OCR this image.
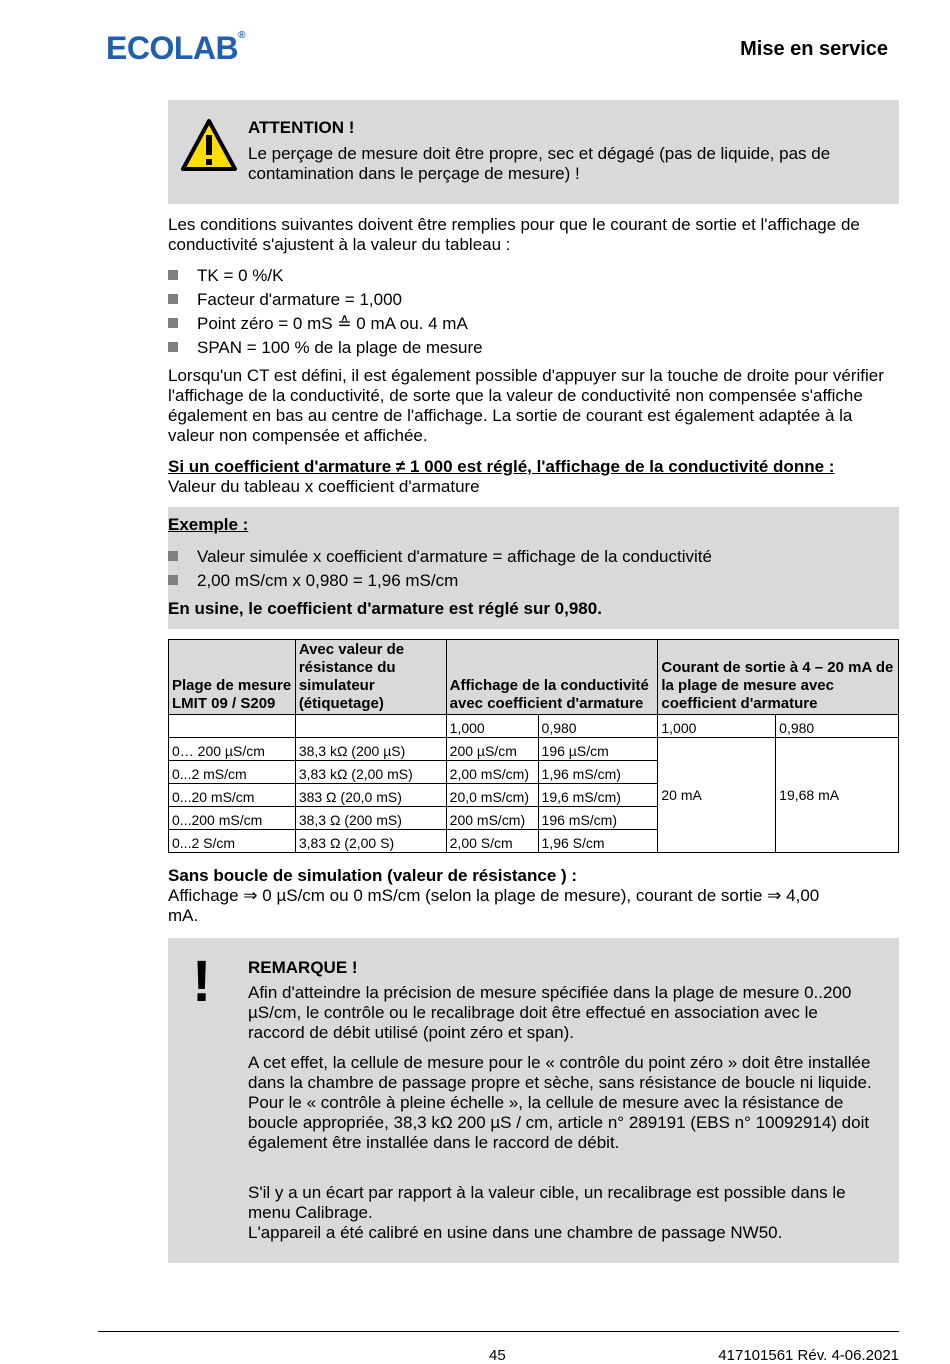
ECOLAB®
Mise en service
ATTENTION !
Le perçage de mesure doit être propre, sec et dégagé (pas de liquide, pas de contamination dans le perçage de mesure) !
Les conditions suivantes doivent être remplies pour que le courant de sortie et l'affichage de conductivité s'ajustent à la valeur du tableau :
TK = 0 %/K
Facteur d'armature = 1,000
Point zéro = 0 mS ≙ 0 mA ou. 4 mA
SPAN = 100 % de la plage de mesure
Lorsqu'un CT est défini, il est également possible d'appuyer sur la touche de droite pour vérifier l'affichage de la conductivité, de sorte que la valeur de conductivité non compensée s'affiche également en bas au centre de l'affichage. La sortie de courant est également adaptée à la valeur non compensée et affichée.
Si un coefficient d'armature ≠ 1 000 est réglé, l'affichage de la conductivité donne :
Valeur du tableau x coefficient d'armature
Exemple :
Valeur simulée x coefficient d'armature = affichage de la conductivité
2,00 mS/cm x 0,980 = 1,96 mS/cm
En usine, le coefficient d'armature est réglé sur 0,980.
Plage de mesure LMIT 09 / S209	Avec valeur de résistance du simulateur (étiquetage)	Affichage de la conductivité avec coefficient d'armature		Courant de sortie à 4 – 20 mA de la plage de mesure avec coefficient d'armature	
		1,000	0,980	1,000	0,980
0… 200 µS/cm	38,3 kΩ (200 µS)	200 µS/cm	196 µS/cm	20 mA	19,68 mA
0...2 mS/cm	3,83 kΩ (2,00 mS)	2,00 mS/cm)	1,96 mS/cm)		
0...20 mS/cm	383 Ω (20,0 mS)	20,0 mS/cm)	19,6 mS/cm)		
0...200 mS/cm	38,3 Ω (200 mS)	200 mS/cm)	196 mS/cm)		
0...2 S/cm	3,83 Ω (2,00 S)	2,00 S/cm	1,96 S/cm		
Sans boucle de simulation (valeur de résistance ) :
Affichage ⇒ 0 µS/cm ou 0 mS/cm (selon la plage de mesure), courant de sortie ⇒ 4,00 mA.
! REMARQUE !
Afin d'atteindre la précision de mesure spécifiée dans la plage de mesure 0..200 µS/cm, le contrôle ou le recalibrage doit être effectué en association avec le raccord de débit utilisé (point zéro et span).
A cet effet, la cellule de mesure pour le « contrôle du point zéro » doit être installée dans la chambre de passage propre et sèche, sans résistance de boucle ni liquide. Pour le « contrôle à pleine échelle », la cellule de mesure avec la résistance de boucle appropriée, 38,3 kΩ 200 µS / cm, article n° 289191 (EBS n° 10092914) doit également être installée dans le raccord de débit.
S'il y a un écart par rapport à la valeur cible, un recalibrage est possible dans le menu Calibrage.
L'appareil a été calibré en usine dans une chambre de passage NW50.
45	417101561 Rév. 4-06.2021
